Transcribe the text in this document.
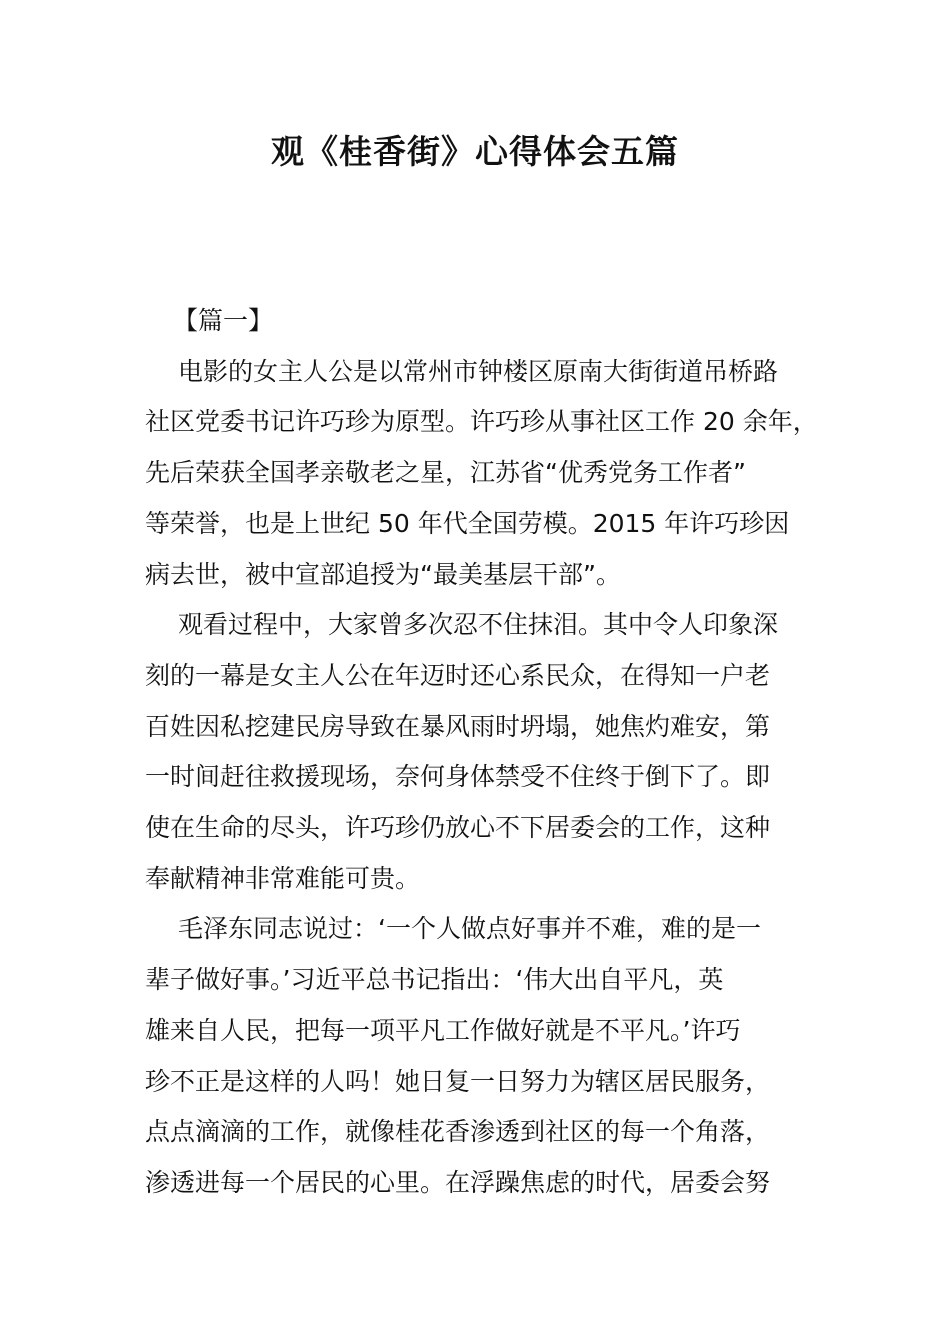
观《桂香街》心得体会五篇
【篇一】
电影的女主人公是以常州市钟楼区原南大街街道吊桥路
社区党委书记许巧珍为原型。许巧珍从事社区工作 20 余年，
先后荣获全国孝亲敬老之星，江苏省“优秀党务工作者”
等荣誉，也是上世纪 50 年代全国劳模。2015 年许巧珍因
病去世，被中宣部追授为“最美基层干部”。
观看过程中，大家曾多次忍不住抹泪。其中令人印象深
刻的一幕是女主人公在年迈时还心系民众，在得知一户老
百姓因私挖建民房导致在暴风雨时坍塌，她焦灼难安，第
一时间赶往救援现场，奈何身体禁受不住终于倒下了。即
使在生命的尽头，许巧珍仍放心不下居委会的工作，这种
奉献精神非常难能可贵。
毛泽东同志说过：‘一个人做点好事并不难，难的是一
辈子做好事。’习近平总书记指出：‘伟大出自平凡，英
雄来自人民，把每一项平凡工作做好就是不平凡。’许巧
珍不正是这样的人吗！她日复一日努力为辖区居民服务，
点点滴滴的工作，就像桂花香渗透到社区的每一个角落，
渗透进每一个居民的心里。在浮躁焦虑的时代，居委会努
